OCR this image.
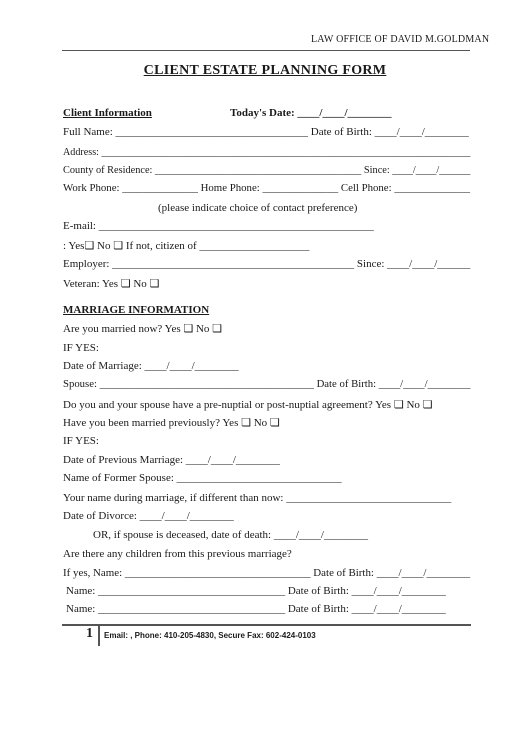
LAW OFFICE OF DAVID M.GOLDMAN
CLIENT ESTATE PLANNING FORM
Client Information	Today's Date: ____/____/________
Full Name: ___________________________________ Date of Birth: ____/____/________
Address: _________________________________________________________________________
County of Residence: ________________________________________ Since: ____/____/______
Work Phone: ______________ Home Phone: ______________ Cell Phone: ______________
(please indicate choice of contact preference)
E-mail: __________________________________________________
: Yes❏ No ❏ If not, citizen of ____________________
Employer: ____________________________________________ Since: ____/____/______
Veteran: Yes ❏ No ❏
MARRIAGE INFORMATION
Are you married now? Yes ❏ No ❏
IF YES:
Date of Marriage: ____/____/________
Spouse: ________________________________________ Date of Birth: ____/____/________
Do you and your spouse have a pre-nuptial or post-nuptial agreement? Yes ❏ No ❏
Have you been married previously? Yes ❏ No ❏
IF YES:
Date of Previous Marriage: ____/____/________
Name of Former Spouse: ______________________________
Your name during marriage, if different than now: ______________________________
Date of Divorce: ____/____/________
OR, if spouse is deceased, date of death: ____/____/________
Are there any children from this previous marriage?
If yes, Name: __________________________________ Date of Birth: ____/____/________
Name: __________________________________ Date of Birth: ____/____/________
Name: __________________________________ Date of Birth: ____/____/________
1 Email: , Phone: 410-205-4830, Secure Fax: 602-424-0103
